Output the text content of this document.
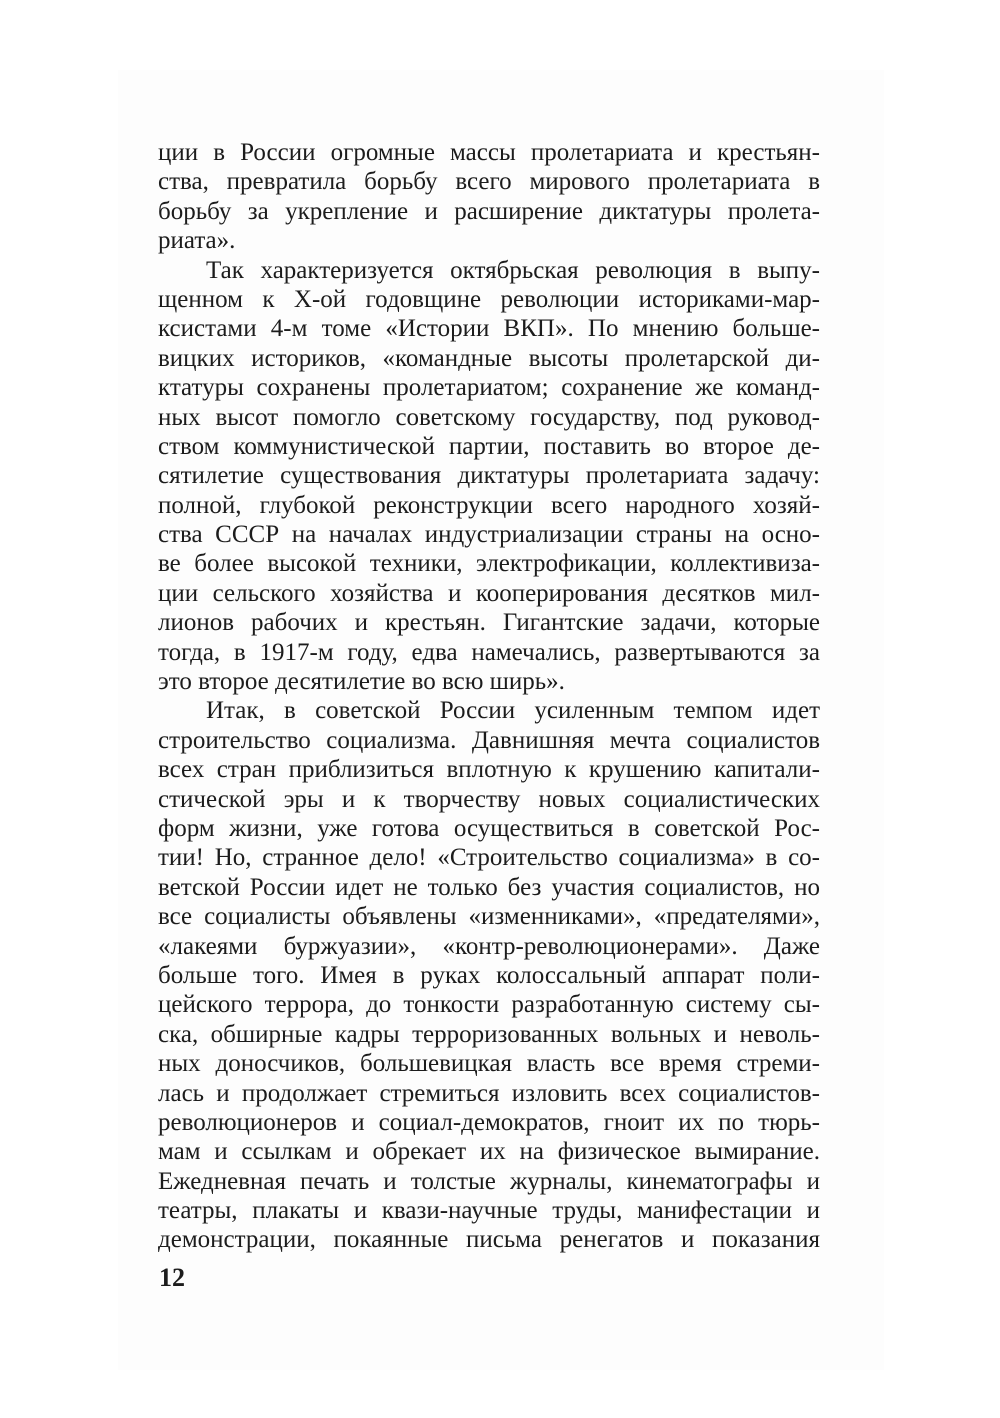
ции в России огромные массы пролетариата и крестьян-
ства, превратила борьбу всего мирового пролетариата в
борьбу за укрепление и расширение диктатуры пролета-
риата».
Так характеризуется октябрьская революция в выпу-
щенном к Х-ой годовщине революции историками-мар-
ксистами 4-м томе «Истории ВКП». По мнению больше-
вицких историков, «командные высоты пролетарской ди-
ктатуры сохранены пролетариатом; сохранение же команд-
ных высот помогло советскому государству, под руковод-
ством коммунистической партии, поставить во второе де-
сятилетие существования диктатуры пролетариата задачу:
полной, глубокой реконструкции всего народного хозяй-
ства СССР на началах индустриализации страны на осно-
ве более высокой техники, электрофикации, коллективиза-
ции сельского хозяйства и кооперирования десятков мил-
лионов рабочих и крестьян. Гигантские задачи, которые
тогда, в 1917-м году, едва намечались, развертываются за
это второе десятилетие во всю ширь».
Итак, в советской России усиленным темпом идет
строительство социализма. Давнишняя мечта социалистов
всех стран приблизиться вплотную к крушению капитали-
стической эры и к творчеству новых социалистических
форм жизни, уже готова осуществиться в советской Рос-
тии! Но, странное дело! «Строительство социализма» в со-
ветской России идет не только без участия социалистов, но
все социалисты объявлены «изменниками», «предателями»,
«лакеями буржуазии», «контр-революционерами». Даже
больше того. Имея в руках колоссальный аппарат поли-
цейского террора, до тонкости разработанную систему сы-
ска, обширные кадры терроризованных вольных и неволь-
ных доносчиков, большевицкая власть все время стреми-
лась и продолжает стремиться изловить всех социалистов-
революционеров и социал-демократов, гноит их по тюрь-
мам и ссылкам и обрекает их на физическое вымирание.
Ежедневная печать и толстые журналы, кинематографы и
театры, плакаты и квази-научные труды, манифестации и
демонстрации, покаянные письма ренегатов и показания
12
